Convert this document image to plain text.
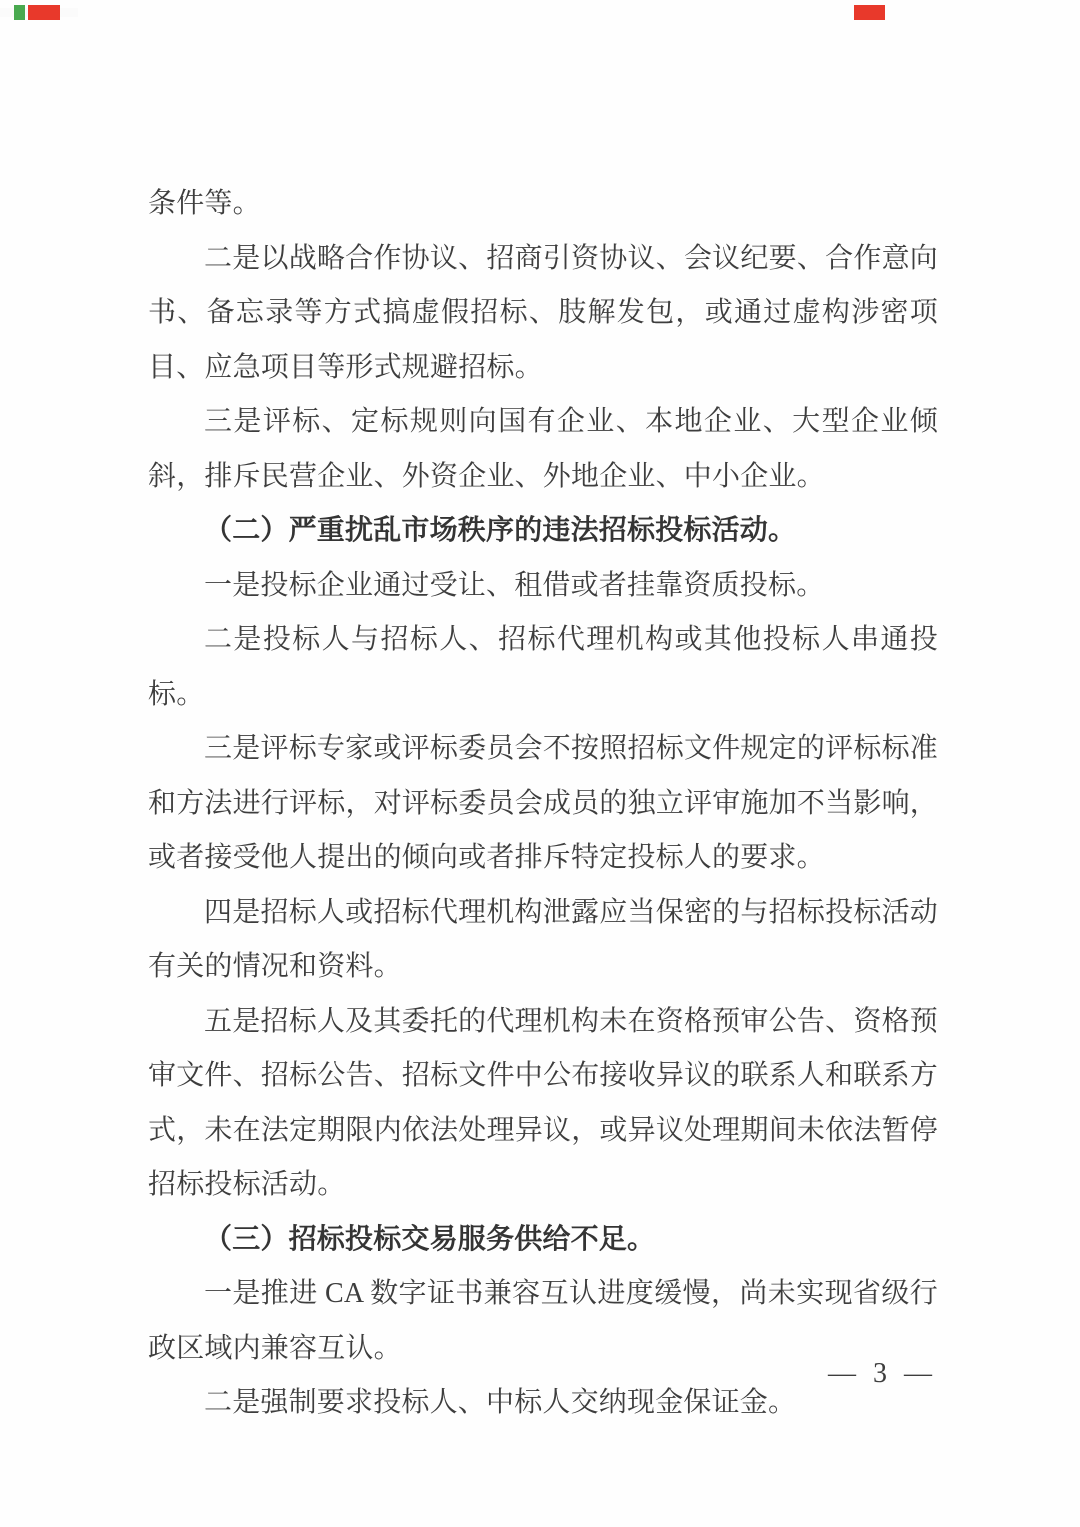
条件等。

二是以战略合作协议、招商引资协议、会议纪要、合作意向书、备忘录等方式搞虚假招标、肢解发包，或通过虚构涉密项目、应急项目等形式规避招标。

三是评标、定标规则向国有企业、本地企业、大型企业倾斜，排斥民营企业、外资企业、外地企业、中小企业。

（二）严重扰乱市场秩序的违法招标投标活动。

一是投标企业通过受让、租借或者挂靠资质投标。

二是投标人与招标人、招标代理机构或其他投标人串通投标。

三是评标专家或评标委员会不按照招标文件规定的评标标准和方法进行评标，对评标委员会成员的独立评审施加不当影响，或者接受他人提出的倾向或者排斥特定投标人的要求。

四是招标人或招标代理机构泄露应当保密的与招标投标活动有关的情况和资料。

五是招标人及其委托的代理机构未在资格预审公告、资格预审文件、招标公告、招标文件中公布接收异议的联系人和联系方式，未在法定期限内依法处理异议，或异议处理期间未依法暂停招标投标活动。

（三）招标投标交易服务供给不足。

一是推进 CA 数字证书兼容互认进度缓慢，尚未实现省级行政区域内兼容互认。

二是强制要求投标人、中标人交纳现金保证金。

— 3 —
